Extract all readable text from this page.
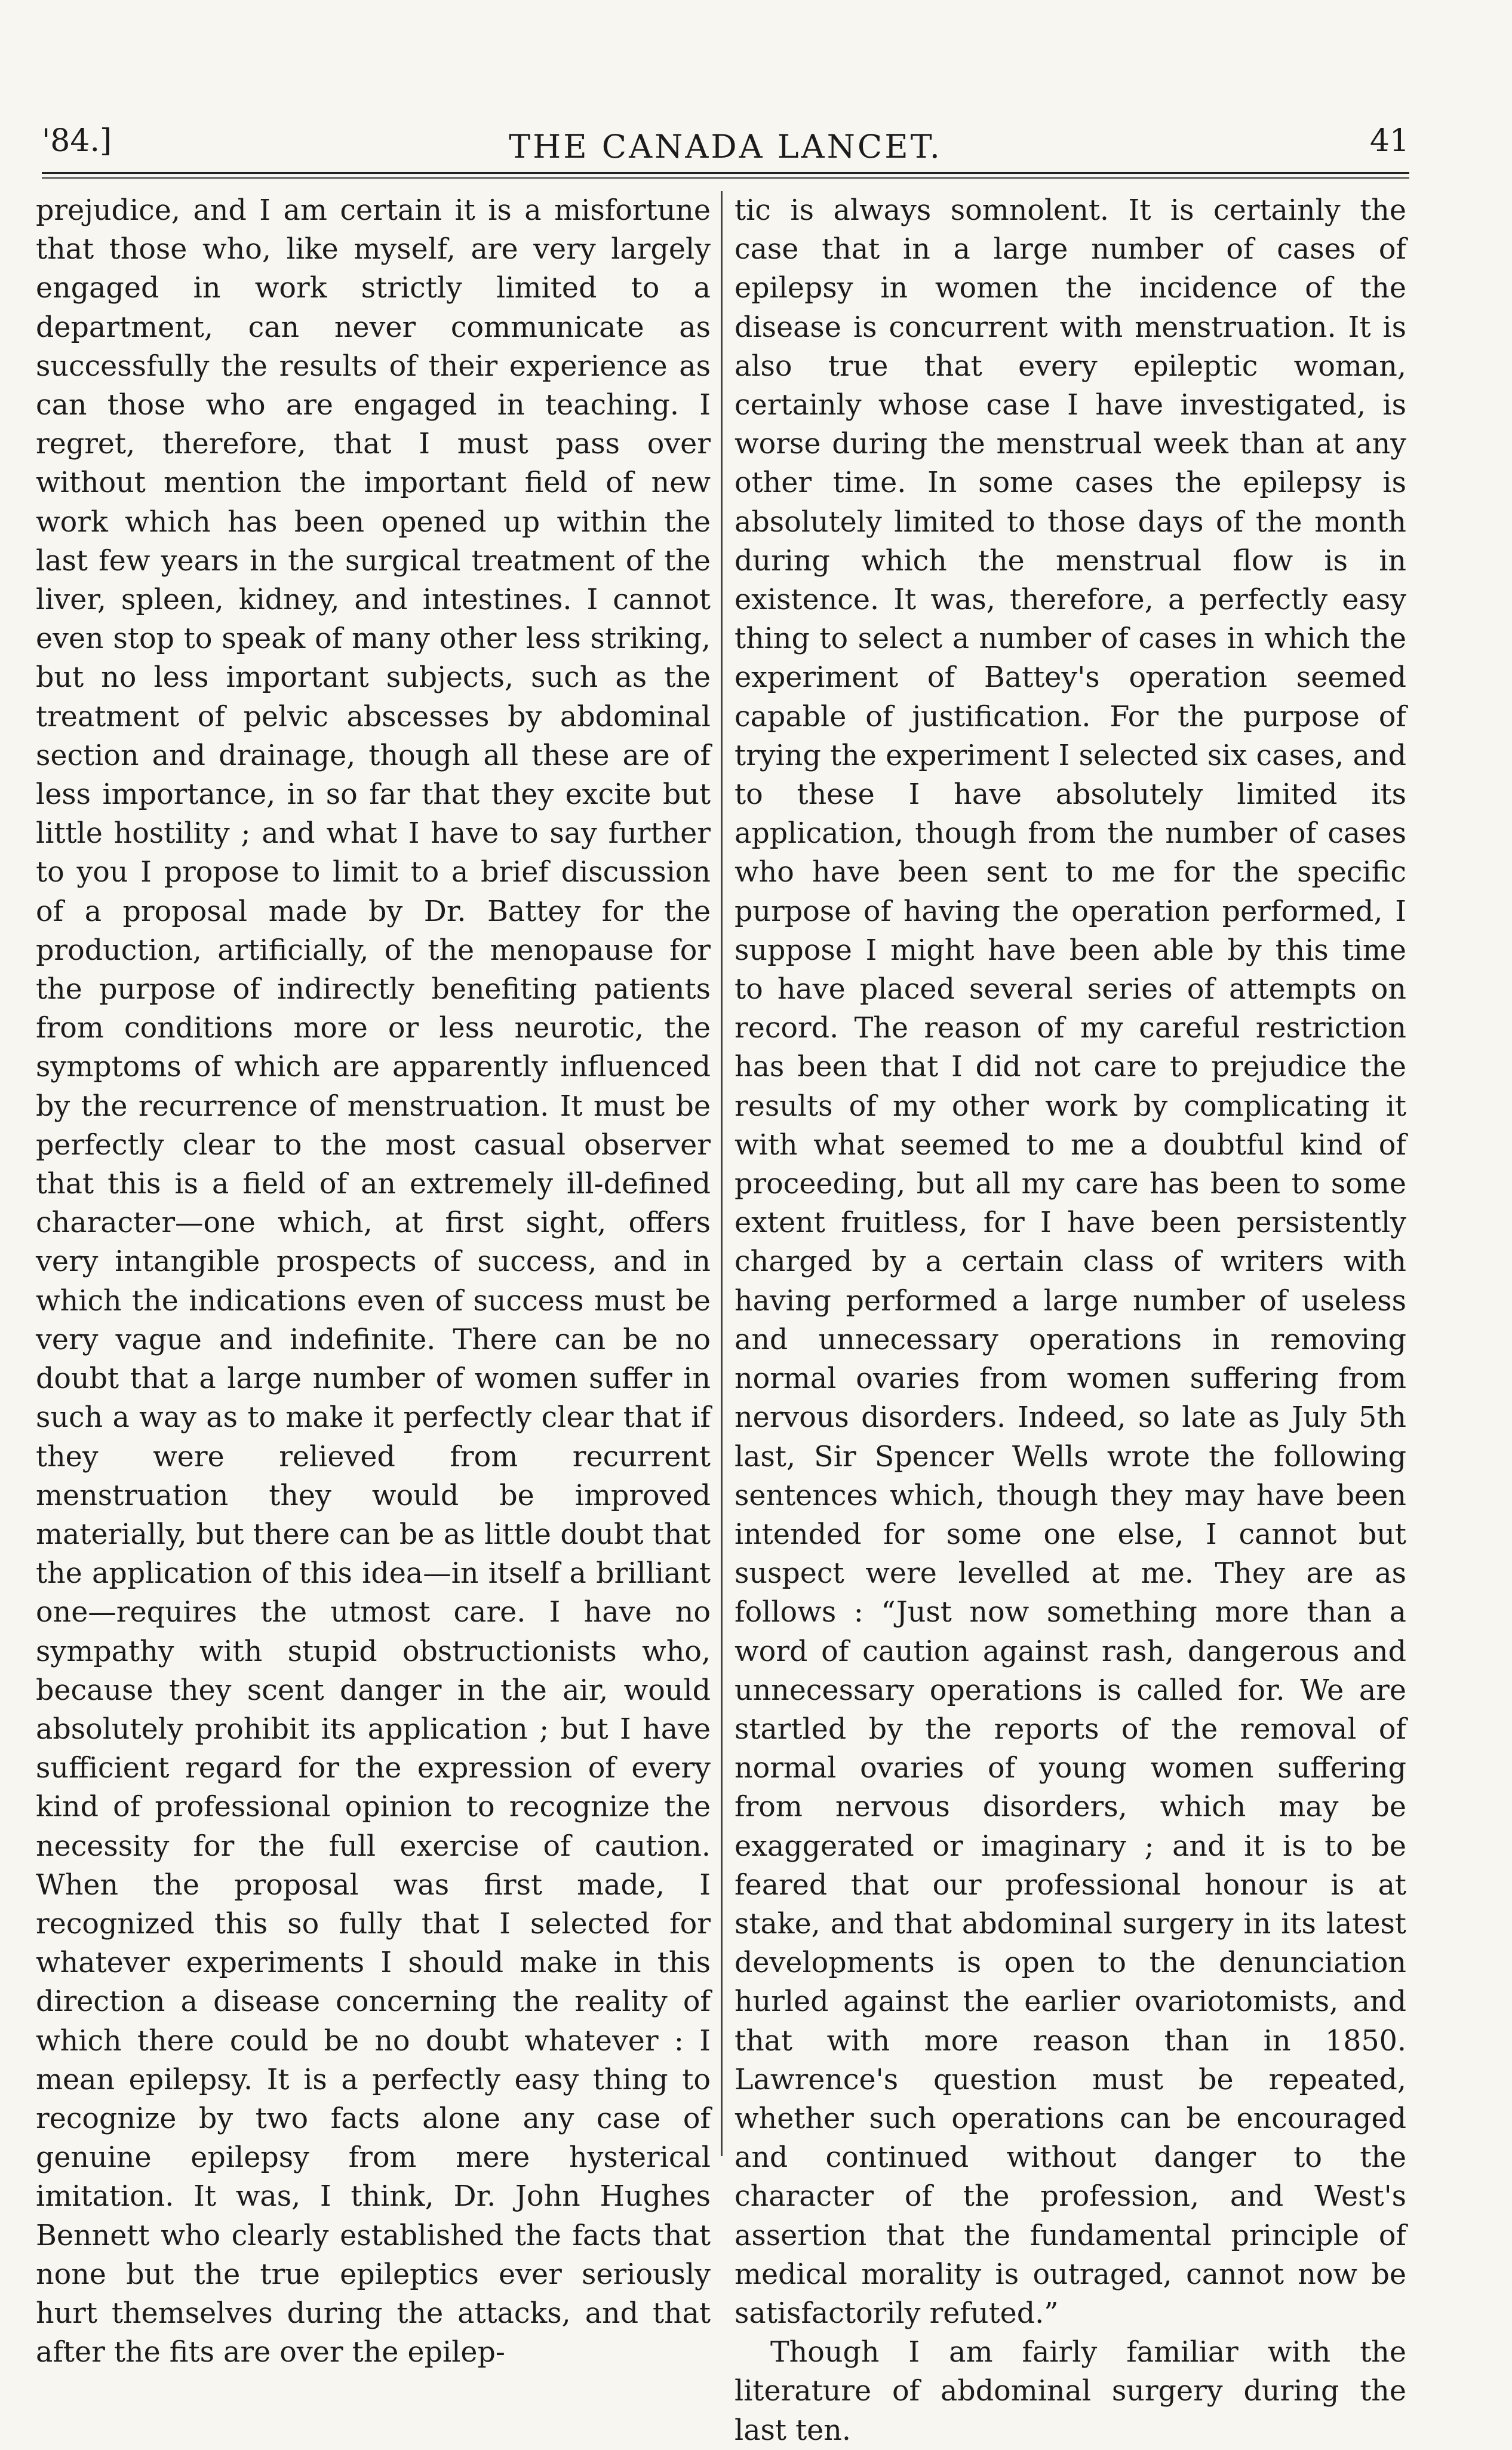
'84.]	THE CANADA LANCET.	41

prejudice, and I am certain it is a misfortune that those who, like myself, are very largely engaged in work strictly limited to a department, can never communicate as successfully the results of their experience as can those who are engaged in teaching. I regret, therefore, that I must pass over without mention the important field of new work which has been opened up within the last few years in the surgical treatment of the liver, spleen, kidney, and intestines. I cannot even stop to speak of many other less striking, but no less important subjects, such as the treatment of pelvic abscesses by abdominal section and drainage, though all these are of less importance, in so far that they excite but little hostility ; and what I have to say further to you I propose to limit to a brief discussion of a proposal made by Dr. Battey for the production, artificially, of the menopause for the purpose of indirectly benefiting patients from conditions more or less neurotic, the symptoms of which are apparently influenced by the recurrence of menstruation. It must be perfectly clear to the most casual observer that this is a field of an extremely ill-defined character—one which, at first sight, offers very intangible prospects of success, and in which the indications even of success must be very vague and indefinite. There can be no doubt that a large number of women suffer in such a way as to make it perfectly clear that if they were relieved from recurrent menstruation they would be improved materially, but there can be as little doubt that the application of this idea—in itself a brilliant one—requires the utmost care. I have no sympathy with stupid obstructionists who, because they scent danger in the air, would absolutely prohibit its application ; but I have sufficient regard for the expression of every kind of professional opinion to recognize the necessity for the full exercise of caution. When the proposal was first made, I recognized this so fully that I selected for whatever experiments I should make in this direction a disease concerning the reality of which there could be no doubt whatever : I mean epilepsy. It is a perfectly easy thing to recognize by two facts alone any case of genuine epilepsy from mere hysterical imitation. It was, I think, Dr. John Hughes Bennett who clearly established the facts that none but the true epileptics ever seriously hurt themselves during the attacks, and that after the fits are over the epilep-

tic is always somnolent. It is certainly the case that in a large number of cases of epilepsy in women the incidence of the disease is concurrent with menstruation. It is also true that every epileptic woman, certainly whose case I have investigated, is worse during the menstrual week than at any other time. In some cases the epilepsy is absolutely limited to those days of the month during which the menstrual flow is in existence. It was, therefore, a perfectly easy thing to select a number of cases in which the experiment of Battey's operation seemed capable of justification. For the purpose of trying the experiment I selected six cases, and to these I have absolutely limited its application, though from the number of cases who have been sent to me for the specific purpose of having the operation performed, I suppose I might have been able by this time to have placed several series of attempts on record. The reason of my careful restriction has been that I did not care to prejudice the results of my other work by complicating it with what seemed to me a doubtful kind of proceeding, but all my care has been to some extent fruitless, for I have been persistently charged by a certain class of writers with having performed a large number of useless and unnecessary operations in removing normal ovaries from women suffering from nervous disorders. Indeed, so late as July 5th last, Sir Spencer Wells wrote the following sentences which, though they may have been intended for some one else, I cannot but suspect were levelled at me. They are as follows : “Just now something more than a word of caution against rash, dangerous and unnecessary operations is called for. We are startled by the reports of the removal of normal ovaries of young women suffering from nervous disorders, which may be exaggerated or imaginary ; and it is to be feared that our professional honour is at stake, and that abdominal surgery in its latest developments is open to the denunciation hurled against the earlier ovariotomists, and that with more reason than in 1850. Lawrence's question must be repeated, whether such operations can be encouraged and continued without danger to the character of the profession, and West's assertion that the fundamental principle of medical morality is outraged, cannot now be satisfactorily refuted.”

Though I am fairly familiar with the literature of abdominal surgery during the last ten.
